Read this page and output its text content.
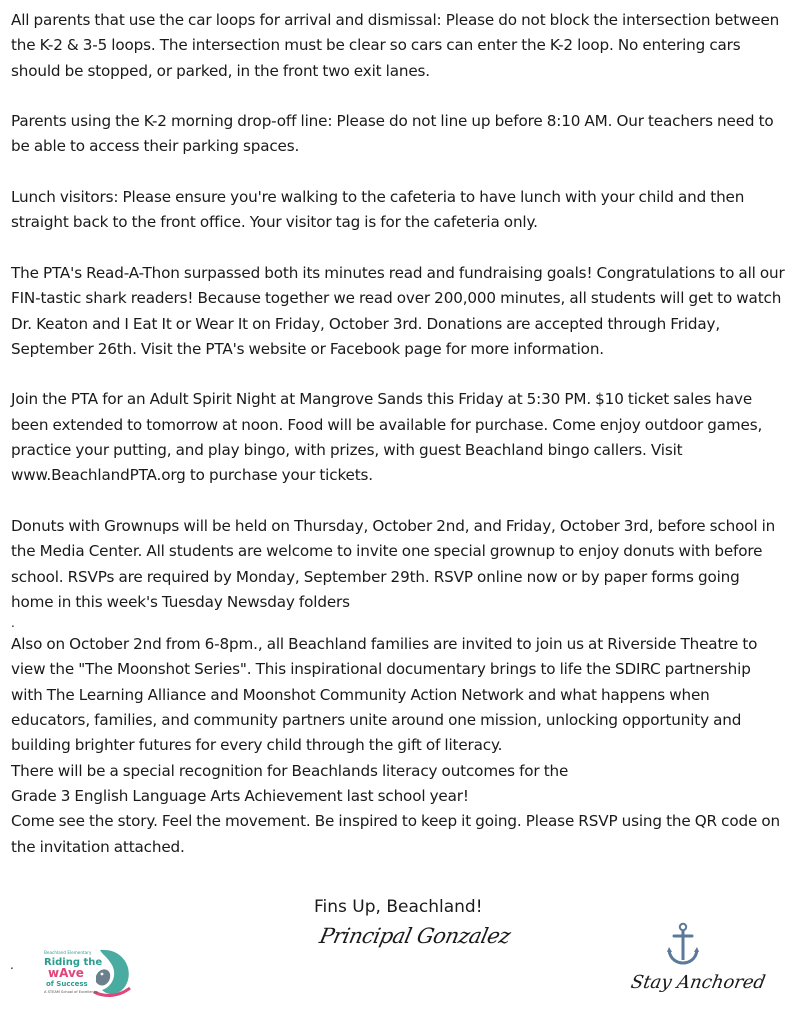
All parents that use the car loops for arrival and dismissal: Please do not block the intersection between the K-2 & 3-5 loops. The intersection must be clear so cars can enter the K-2 loop. No entering cars should be stopped, or parked, in the front two exit lanes.

Parents using the K-2 morning drop-off line: Please do not line up before 8:10 AM. Our teachers need to be able to access their parking spaces.

Lunch visitors: Please ensure you're walking to the cafeteria to have lunch with your child and then straight back to the front office. Your visitor tag is for the cafeteria only.

The PTA's Read-A-Thon surpassed both its minutes read and fundraising goals! Congratulations to all our FIN-tastic shark readers! Because together we read over 200,000 minutes, all students will get to watch Dr. Keaton and I Eat It or Wear It on Friday, October 3rd. Donations are accepted through Friday, September 26th. Visit the PTA's website or Facebook page for more information.

Join the PTA for an Adult Spirit Night at Mangrove Sands this Friday at 5:30 PM. $10 ticket sales have been extended to tomorrow at noon. Food will be available for purchase. Come enjoy outdoor games, practice your putting, and play bingo, with prizes, with guest Beachland bingo callers. Visit www.BeachlandPTA.org to purchase your tickets.

Donuts with Grownups will be held on Thursday, October 2nd, and Friday, October 3rd, before school in the Media Center. All students are welcome to invite one special grownup to enjoy donuts with before school. RSVPs are required by Monday, September 29th. RSVP online now or by paper forms going home in this week's Tuesday Newsday folders

.

Also on October 2nd from 6-8pm., all Beachland families are invited to join us at Riverside Theatre to view the "The Moonshot Series". This inspirational documentary brings to life the SDIRC partnership with The Learning Alliance and Moonshot Community Action Network and what happens when educators, families, and community partners unite around one mission, unlocking opportunity and building brighter futures for every child through the gift of literacy.

There will be a special recognition for Beachlands literacy outcomes for the

Grade 3 English Language Arts Achievement last school year!

Come see the story. Feel the movement. Be inspired to keep it going. Please RSVP using the QR code on the invitation attached.

Fins Up, Beachland!
Principal Gonzalez
.
Beachland Elementary
Riding the
wAve
of Success
A STEAM School of Excellence	Stay Anchored
